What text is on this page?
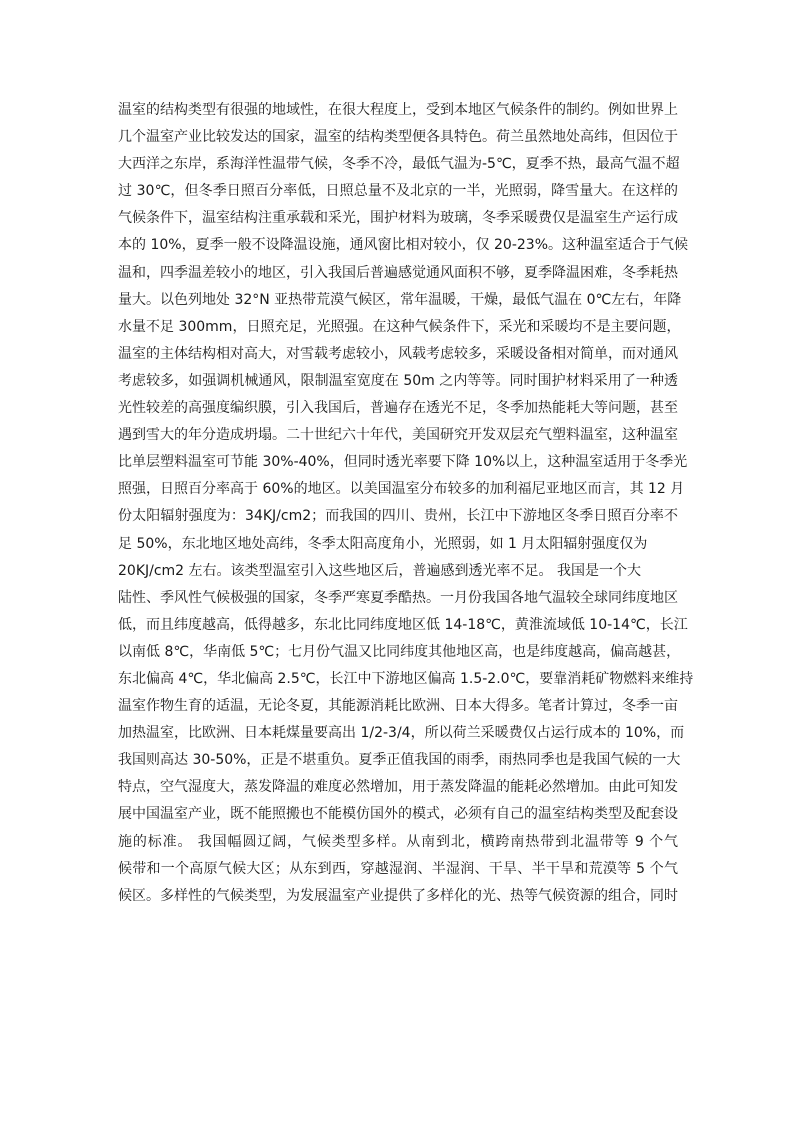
温室的结构类型有很强的地域性，在很大程度上，受到本地区气候条件的制约。例如世界上
几个温室产业比较发达的国家，温室的结构类型便各具特色。荷兰虽然地处高纬，但因位于
大西洋之东岸，系海洋性温带气候，冬季不冷，最低气温为-5℃，夏季不热，最高气温不超
过 30℃，但冬季日照百分率低，日照总量不及北京的一半，光照弱，降雪量大。在这样的
气候条件下，温室结构注重承载和采光，围护材料为玻璃，冬季采暖费仅是温室生产运行成
本的 10%，夏季一般不设降温设施，通风窗比相对较小，仅 20-23%。这种温室适合于气候
温和，四季温差较小的地区，引入我国后普遍感觉通风面积不够，夏季降温困难，冬季耗热
量大。以色列地处 32°N 亚热带荒漠气候区，常年温暖，干燥，最低气温在 0℃左右，年降
水量不足 300mm，日照充足，光照强。在这种气候条件下，采光和采暖均不是主要问题，
温室的主体结构相对高大，对雪载考虑较小，风载考虑较多，采暖设备相对简单，而对通风
考虑较多，如强调机械通风，限制温室宽度在 50m 之内等等。同时围护材料采用了一种透
光性较差的高强度编织膜，引入我国后，普遍存在透光不足，冬季加热能耗大等问题，甚至
遇到雪大的年分造成坍塌。二十世纪六十年代，美国研究开发双层充气塑料温室，这种温室
比单层塑料温室可节能 30%-40%，但同时透光率要下降 10%以上，这种温室适用于冬季光
照强，日照百分率高于 60%的地区。以美国温室分布较多的加利福尼亚地区而言，其 12 月
份太阳辐射强度为：34KJ/cm2；而我国的四川、贵州，长江中下游地区冬季日照百分率不
足 50%，东北地区地处高纬，冬季太阳高度角小，光照弱，如 1 月太阳辐射强度仅为
20KJ/cm2 左右。该类型温室引入这些地区后，普遍感到透光率不足。 我国是一个大
陆性、季风性气候极强的国家，冬季严寒夏季酷热。一月份我国各地气温较全球同纬度地区
低，而且纬度越高，低得越多，东北比同纬度地区低 14-18℃，黄淮流域低 10-14℃，长江
以南低 8℃，华南低 5℃；七月份气温又比同纬度其他地区高，也是纬度越高，偏高越甚，
东北偏高 4℃，华北偏高 2.5℃，长江中下游地区偏高 1.5-2.0℃，要靠消耗矿物燃料来维持
温室作物生育的适温，无论冬夏，其能源消耗比欧洲、日本大得多。笔者计算过，冬季一亩
加热温室，比欧洲、日本耗煤量要高出 1/2-3/4，所以荷兰采暖费仅占运行成本的 10%，而
我国则高达 30-50%，正是不堪重负。夏季正值我国的雨季，雨热同季也是我国气候的一大
特点，空气湿度大，蒸发降温的难度必然增加，用于蒸发降温的能耗必然增加。由此可知发
展中国温室产业，既不能照搬也不能模仿国外的模式，必须有自己的温室结构类型及配套设
施的标准。 我国幅圆辽阔，气候类型多样。从南到北，横跨南热带到北温带等 9 个气
候带和一个高原气候大区；从东到西，穿越湿润、半湿润、干旱、半干旱和荒漠等 5 个气
候区。多样性的气候类型，为发展温室产业提供了多样化的光、热等气候资源的组合，同时
